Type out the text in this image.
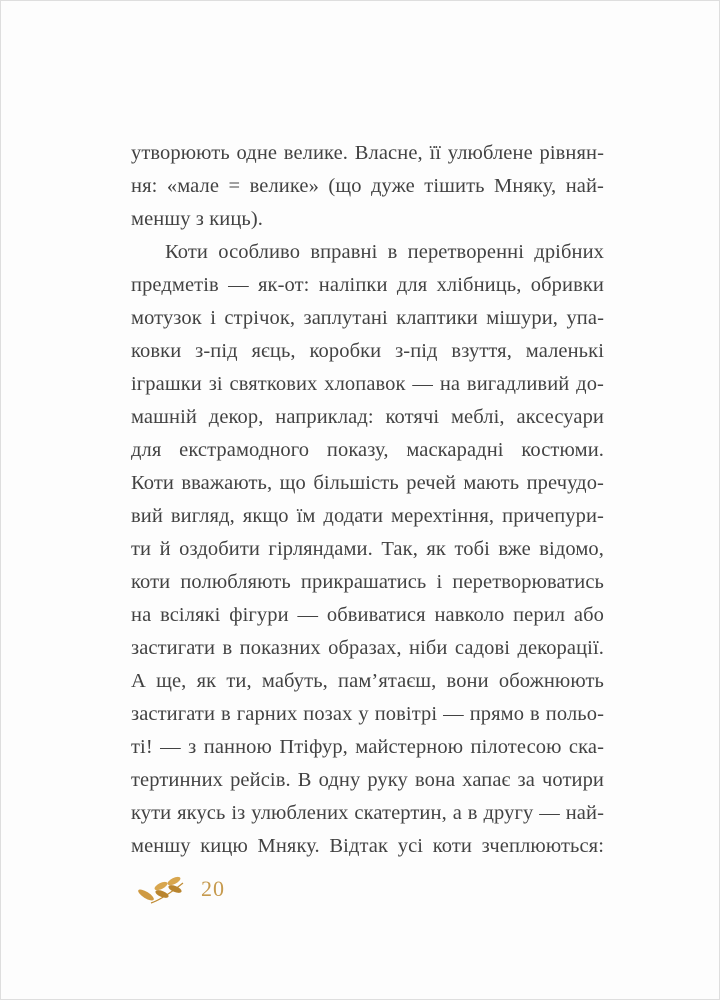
утворюють одне велике. Власне, її улюблене рівнян-
ня: «мале = велике» (що дуже тішить Мняку, най-
меншу з киць).
Коти особливо вправні в перетворенні дрібних
предметів — як-от: наліпки для хлібниць, обривки
мотузок і стрічок, заплутані клаптики мішури, упа-
ковки з-під яєць, коробки з-під взуття, маленькі
іграшки зі святкових хлопавок — на вигадливий до-
машній декор, наприклад: котячі меблі, аксесуари
для екстрамодного показу, маскарадні костюми.
Коти вважають, що більшість речей мають пречудо-
вий вигляд, якщо їм додати мерехтіння, причепури-
ти й оздобити гірляндами. Так, як тобі вже відомо,
коти полюбляють прикрашатись і перетворюватись
на всілякі фігури — обвиватися навколо перил або
застигати в показних образах, ніби садові декорації.
А ще, як ти, мабуть, пам’ятаєш, вони обожнюють
застигати в гарних позах у повітрі — прямо в польо-
ті! — з панною Птіфур, майстерною пілотесою ска-
тертинних рейсів. В одну руку вона хапає за чотири
кути якусь із улюблених скатертин, а в другу — най-
меншу кицю Мняку. Відтак усі коти зчеплюються:
20
